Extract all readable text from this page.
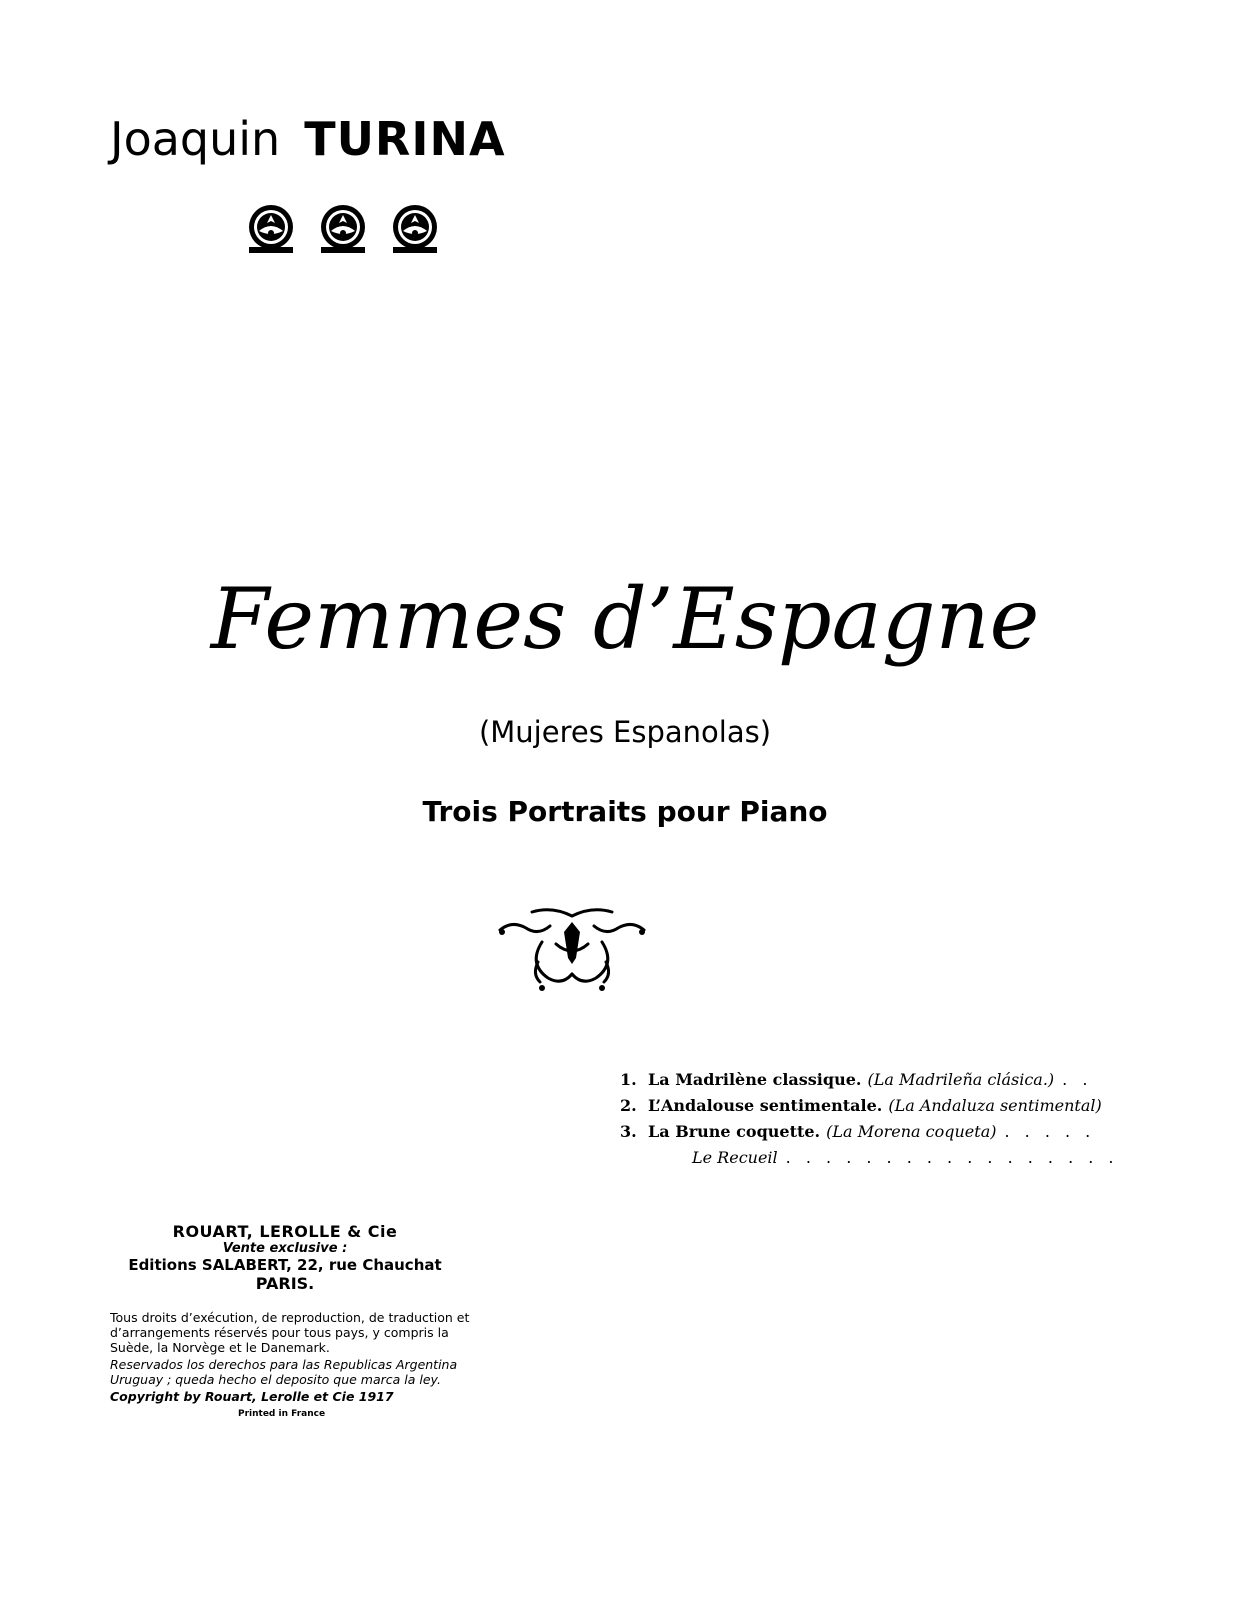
Joaquin TURINA
Femmes d’Espagne
(Mujeres Espanolas)
Trois Portraits pour Piano
1. La Madrilène classique. (La Madrileña clásica.) . .
2. L’Andalouse sentimentale. (La Andaluza sentimental)
3. La Brune coquette. (La Morena coqueta) . . . . .
Le Recueil . . . . . . . . . . . . . . . . .
ROUART, LEROLLE & Cie
Vente exclusive :
Editions SALABERT, 22, rue Chauchat
PARIS.
Tous droits d’exécution, de reproduction, de traduction et d’arrangements réservés pour tous pays, y compris la Suède, la Norvège et le Danemark.
Reservados los derechos para las Republicas Argentina Uruguay ; queda hecho el deposito que marca la ley.
Copyright by Rouart, Lerolle et Cie 1917
Printed in France
